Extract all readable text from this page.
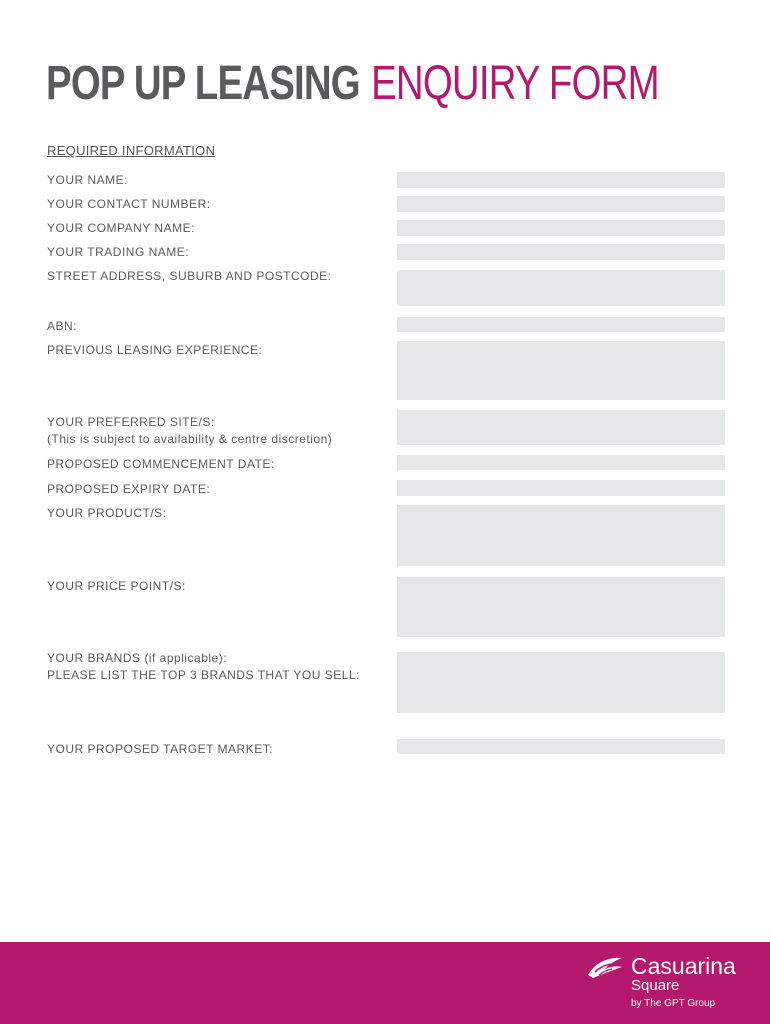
POP UP LEASING ENQUIRY FORM
REQUIRED INFORMATION
YOUR NAME:
YOUR CONTACT NUMBER:
YOUR COMPANY NAME:
YOUR TRADING NAME:
STREET ADDRESS, SUBURB AND POSTCODE:
ABN:
PREVIOUS LEASING EXPERIENCE:
YOUR PREFERRED SITE/S:
(This is subject to availability & centre discretion)
PROPOSED COMMENCEMENT DATE:
PROPOSED EXPIRY DATE:
YOUR PRODUCT/S:
YOUR PRICE POINT/S:
YOUR BRANDS (if applicable):
PLEASE LIST THE TOP 3 BRANDS THAT YOU SELL:
YOUR PROPOSED TARGET MARKET:
Casuarina
Square
by The GPT Group
